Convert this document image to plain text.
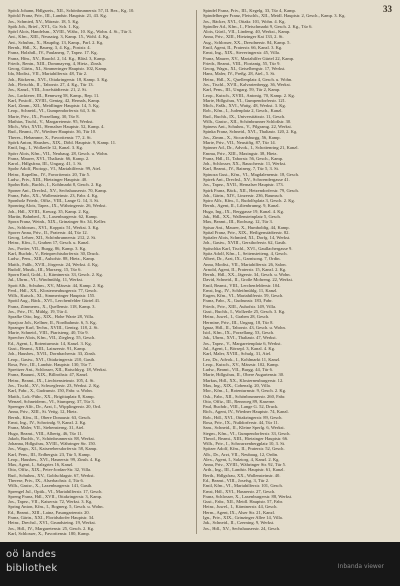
33

Spöck Johann, Hdlgsreis., XII., Schönbrunnerstr. 57, II. Bez., Kg. 10.

Spöckl Franz, Priv., III., Landstr. Hauptstr. 21, 43. Kg.

Jos., Schmied, XV., Märzstr. 18, 5. Kg.

Spök Joh., Brief., XVI., Gr. Sch. 1. Kg.

Spörl Alois, Handelsm., XVIII., Währ., 10. Kg., Wohn. 4. St., Tür 3.

Ant., Kfm., XIII., Neusatzg. 3, Kamp. 15., Wohl. 4. Kg.

Ant., Schuhm., X., Hauptbg. 13, Kamp., Parl. 2. Kg.

Bernh., Hdl., X., Bauerg. 3, 4. Kg., Poststr. 4.

Franz, Holzhdl., IV., Paulanerg. 7, Tapez. 17. Kg.

Franz, Hfm., XV., Rauchf. 2, 14. Kg., Bläsl. 3, Kamp.

Friedr., Rentn., XIII., Dommayerg. 4, Hietz., Zinsh.

Georg, Gärtn., XI., Simmeringer Hauptstr. 102, Kamp.

Ida, Modist., VII., Mariahilferstr. 48, Tür 2.

Joh., Bäckerm., XVI., Ottakringerstr. 18, Kamp. 3. Kg.

Joh., Fleischh., II., Taborstr. 27, 4. Kg., Tür 13.

Jos., Kanzl., VIII., Josefstädterstr. 21, 2. St.

Jos., Lackierer, III., Rennweg 58, Kamp., Rep. 11.

Karl, Postoff., XVIII., Gentzg. 42, Hernals, Kamp.

Karl, Zimm., XII., Meidlinger Hauptstr. 14, 5. Kg.

Leop., Schneid., VI., Gumpendorferstr. 64, 3. St.

Marie, Priv., IX., Porzellang. 30, Tür 8.

Mathias, Tischl., V., Margaretenstr. 95, Werkst.

Mich., Wirt, XVII., Hernalser Hauptstr. 52, Kamp. 4.

Rud., Beamt., IV., Wiedner Hauptstr. 36, Tür 10.

Theres., Hebamme, X., Favoritenstr. 77, 2. St.

Spörk Anton, Hausbes., XIX., Döbl. Hauptstr. 9, Kamp. 11.

Emil, Ing., I., Wollzeile 12, Kanzl. 3. Kg.

Spörr Alois, Kfm., VII., Neubaug. 28, Gesch. u. Wohn.

Franz, Maurer, XVI., Thaliastr. 66, Kamp. 2.

Karol., Hdlgsfrau, III., Ungarg. 41, 1. St.

Spohr Adolf, Photogr., VI., Mariahilferstr. 99, Atel.

Heinr., Kapellm., IV., Favoritenstr. 20, Tür 5.

Ludw., Priv., XIII., Hietzinger Hauptstr. 40.

Spohn Rob., Buchh., I., Kohlmarkt 8, Gesch. 2. Kg.

Sponer Ant., Drechsl., XV., Sechshauserstr. 70, Kamp.

Franz, Fabr., XX., Wallensteinstr. 23, Fabr. 4. Kg.

Sponholz Friedr., Offiz., VIII., Lange G. 14, 3. St.

Sponring Alois, Tapez., IX., Währingerstr. 26, Werkst.

Joh., Hdl., XVIII., Kreuzg. 35, Kamp. 2. Kg.

Martin, Bahnbed., X., Laxenburgerstr. 62, Kamp.

Spora Franz, Weinh., XIX., Grinzinger Str. 34, Keller.

Jos., Schlossm., XVI., Koppstr. 51, Werkst. 3. Kg.

Sporer Anna, Priv., II., Praterstr. 44, Tür 12.

Georg, Lehrer, XII., Schönbrunnerstr. 212, 2. St.

Heinr., Kfm., I., Graben 17, Gesch. u. Kanzl.

Jos., Portier, VII., Burgg. 86, Kamp. 3. Kg.

Karl, Buchdr., V., Reinprechtsdorferstr. 30, Druck.

Ludw., Pens., XIII., Auhofstr. 88, Hietz., Kamp.

Matth., Faßb., XVII., Jörgerstr. 24, Werkst. 4. Kg.

Rudolf, Musik., III., Marxerg. 15, Tür 6.

Sporn Emil, Gold., I., Kärntnerstr. 33, Gesch. 2. Kg.

Jul., Uhrm., VI., Windmühlg. 11, Werkst.

Spott Alb., Schuhm., XV., Märzstr. 44, Kamp. 2. Kg.

Ferd., Hdl., XX., Klosterneuburgerstr. 77, Gesch.

Wilh., Kutsch., XI., Simmeringer Hauptstr. 155.

Spottl Aug., Bäck., XVI., Lerchenfelder Gürtel 41.

Franz, Zimmerm., X., Quellenstr. 118, Kamp. 3.

Jos., Priv., IV., Mühlg. 19, Tür 4.

Sprafke Otto, Ing., XIX., Hohe Warte 28, Villa.

Sprajcar Joh., Kellner, II., Nordbahnstr. 6, 5. Kg.

Spranger Karl, Techn., XVIII., Gentzg. 118, 2. St.

Marie, Schneid., VIII., Piaristeng. 40, Tür 9.

Sprecher Alois, Kfm., VII., Zieglerg. 55, Gesch.

Ed., Agent, I., Rotenturmstr. 14, Kanzl. 3. Kg.

Gust., Beamt., XIII., Lainzerstr. 91, Kamp.

Joh., Hausbes., XVII., Dornbacherstr. 33, Zinsh.

Leop., Gastw., XVI., Ottakringerstr. 210, Gasth.

Rosa, Priv., III., Landstr. Hauptstr. 130, Tür 7.

Spreitzer Ant., Schlosser, XII., Ratschkyg. 18, Werkst.

Franz, Bauunt., XIX., Billrothstr. 47, Kanzl.

Heinr., Beamt., IX., Liechtensteinstr. 105, 4. St.

Jos., Tischl., XV., Schweglerstr. 23, Werkst. 2. Kg.

Karl, Fabr., X., Gudrunstr. 150, Fabr. u. Wohn.

Matth., Lok.-Führ., XX., Brigittaplatz 8, Kamp.

Wenzel, Schneiderm., VI., Stumperg. 37, Tür 3.

Sprenger Alfr., Dr., Arzt, I., Wipplingerstr. 20, Ord.

Anna, Priv., XIII., St. Veitg. 12, Hietz.

Bernh., Kfm., II., Obere Donaustr. 63, Gesch.

Ernst, Ing., IV., Schwindg. 9, Kanzl. 2. Kg.

Franz, Maler, VII., Siebensterng. 31, Atel.

Hugo, Beamt., VIII., Albertg. 46, Tür 11.

Jakob, Buchb., V., Schönbrunnerstr. 88, Werkst.

Johanna, Hdlgsfrau, XVIII., Währinger Str. 150.

Jos., Wagn., XI., Kaiserebersdorferstr. 58, Kamp.

Karl, Pens., III., Erdbergstr. 23, Tür 5, Kamp.

Leop., Hausbes., XVI., Hasnerstr. 99, Zinsh. 4. Kg.

Max, Agent, I., Salzgries 16, Kanzl.

Otto, Offiz., XIX., Peter-Jordan-Str. 32, Villa.

Rud., Schuhm., XV., Goldschlagstr. 67, Werkst.

Therese, Priv., IX., Alserbachstr. 4, Tür 6.

Wilh., Gastw., X., Laxenburgerstr. 141, Gasth.

Sprengel Jul., Optik., VI., Mariahilferstr. 17, Gesch.

Spreng Franz, Hdl., XVII., Ottakringerstr. 3, Kamp.

Jos., Tapez., VII., Kaiserstr. 72, Werkst. 3. Kg.

Spring Anton, Kfm., I., Bognerg. 5, Gesch. u. Wohn.

Ed., Beamt., XIII., Lainz, Fasangartenstr. 20.

Franz, Gärtn., XXI., Floridsdorfer Hauptstr. 34.

Heinr., Drechsl., XVI., Grundsteing. 19, Werkst.

Jos., Hdl., IV., Margaretenstr. 25, Gesch. 2. Kg.

Karl, Schlosser, X., Favoritenstr. 180, Kamp.

Spindel Franz, Priv., III., Kegelg. 33, Tür 4, Kamp.

Spindelberger Franz, Fleischh., XII., Meidl. Hauptstr. 2, Gesch., Kamp. 3. Kg.

Jos., Bäcker, XVI., Ottakr. 101, Wohn. 4. Kg.

Spindler Ad., Kfm., I., Fleischmarkt 9, Gesch. 2. Kg., Tür 6.

Alois, Gürtl., VII., Lindeng. 40, Werkst., Kamp.

Anna, Priv., XIII., Hietzinger Kai 133, 2. St.

Aug., Schlosser, XX., Dresdnerstr. 84, Kamp. 5.

Emil, Agent, II., Praterstr. 66, Kanzl. 3. Kg.

Ernst, Ing., XIX., Sieveringerstr. 45, Villa.

Franz, Maurer, XV., Mariahilfer Gürtel 22, Kamp.

Friedr., Beamt., VIII., Florianig. 55, Tür 9.

Georg, Wagn., XI., Geiselbergstr. 17, Werkst.

Hans, Maler, IV., Preßg. 28, Atel., 5. St.

Heinr., Hdl., X., Quellenplatz 4, Gesch. u. Wohn.

Jos., Tischl., XVII., Kalvarienbergg. 36, Werkst.

Karl, Pens., III., Ungarg. 59, Tür 2, Kamp.

Leop., Kutsch., XVIII., Antonig. 70, Kamp. 2. Kg.

Marie, Hdlgsfrau, VI., Gumpendorferstr. 121.

Mich., Faßb., XVI., Wattg. 48, Werkst. 3. Kg.

Rob., Kfm., I., Judenplatz 2, Gesch., Kanzl.

Rud., Buchh., IX., Universitätsstr. 11, Gesch.

Wilh., Gastw., XII., Schönbrunner Schloßstr. 30.

Spiness Ant., Schuhm., V., Pilgramg. 22, Werkst.

Spinka Franz, Schneid., XVI., Thaliastr. 120, 2. Kg.

Jos., Zimm., X., Siccardsburgg. 56, Kamp.

Marie, Priv., VII., Neustiftg. 87, Tür 14.

Spinner Ad., Dr., Advok., I., Schottenring 21, Kanzl.

Emma, Priv., XIII., Maxingstr. 38, Hietz.

Franz, Hdl., II., Taborstr. 56, Gesch., Kamp.

Joh., Schlosser, XX., Rauscherstr. 11, Werkst.

Karl, Beamt., IV., Rainerg. 7, Tür 5, 3. St.

Spinoza Gust., Kfm., VI., Magdalenenstr. 18, Gesch.

Spirek Ant., Drechsl., XV., Schwendergasse 41.

Jos., Tapez., XVII., Hernalser Hauptstr. 173.

Spirk Franz, Bäck., XII., Hetzendorferstr. 79, Gesch.

Joh., Gärtn., XIV., Linzerstr. 236, Baumsch.

Spiro Alfr., Kfm., I., Rudolfsplatz 3, Gesch. 2. Kg.

Bernh., Agent, II., Lilienbrunng. 9, Kanzl.

Hugo, Ing., IX., Berggasse 19, Kanzl. 4. Kg.

Jak., Hdl., XX., Wallensteinplatz 5, Gesch.

Max, Beamt., III., Rochusg. 12, Tür 3.

Spisar Ant., Maurer, X., Humboldtg. 44, Kamp.

Spital Franz, Priv., XIX., Heiligenstädterstr. 82.

Spitaler Alois, Schmied, XI., Dorfg. 14, Werkst.

Joh., Gastw., XVIII., Gersthoferstr. 62, Gasth.

Spitschka Karl, Tischl., XVI., Gaullachergasse 9.

Spitz Adolf, Kfm., I., Seitenstetteng. 4, Gesch.

Albert, Dr., Arzt, IX., Garnisong. 7, Ordin.

Anna, Modist., VII., Mariahilferstr. 26, Salon.

Arnold, Agent, II., Praterstr. 15, Kanzl. 2. Kg.

Bernh., Hdl., XX., Jägerstr. 34, Gesch. u. Wohn.

David, Schneid., II., Große Mohreng. 22, Werkst.

Emil, Beamt., VIII., Lerchenfelderstr. 104.

Ernst, Ing., IV., Schleifmühlg. 11, Kanzl.

Eugen, Kfm., VI., Mariahilferstr. 59, Gesch.

Franz, Fabr., X., Gudrunstr. 183, Fabr.

Friedr., Priv., XIII., Auhofstr. 149, Villa.

Gust., Buchh., I., Wollzeile 25, Gesch. 3. Kg.

Heinr., Juwel., I., Graben 28, Gesch.

Hermine, Priv., III., Ungarg. 18, Tür 8.

Ignaz, Hdl., II., Taborstr. 43, Gesch. u. Wohn.

Isid., Kfm., IX., Porzellang. 53, Gesch.

Jak., Uhrm., XVI., Thaliastr. 47, Werkst.

Jos., Tapez., V., Margaretenplatz 6, Werkst.

Jul., Agent, I., Börsepl. 3, Kanzl. 4. Kg.

Karl, Maler, XVIII., Schulg. 31, Atel.

Leo, Dr., Advok., I., Kohlmarkt 11, Kanzl.

Leop., Kutsch., XV., Märzstr. 102, Kamp.

Ludw., Beamt., VII., Burgg. 44, Tür 6.

Marie, Hdlgsfrau, II., Obere Augartenstr. 30.

Markus, Hdl., XX., Klosterneuburgerstr. 12.

Max, Ing., XIX., Cobenzlg. 20, Villa.

Mor., Kfm., I., Rotenturmstr. 9, Gesch. 2. Kg.

Osk., Fabr., XII., Schönbrunnerstr. 260, Fabr.

Otto, Offiz., III., Rennweg 89, Kaserne.

Paul, Buchdr., VIII., Lange G. 52, Druck.

Rich., Agent, IV., Wiedner Hauptstr. 74, Kanzl.

Rob., Hdl., XVI., Ottakringerstr. 89, Gesch.

Rosa, Priv., IX., Nußdorferstr. 44, Tür 11.

Sam., Schneid., II., Kleine Sperlg. 6, Werkst.

Siegm., Kfm., VI., Gumpendorferstr. 33, Gesch.

Theod., Beamt., XIII., Hietzinger Hauptstr. 66.

Wilh., Priv., I., Schwarzenbergplatz 10, 3. St.

Spitzer Adolf, Kfm., II., Praterstr. 52, Gesch.

Alb., Dr., Arzt, VII., Neubaug. 12, Ordin.

Alex., Agent, I., Salztorg. 4, Kanzl. 2. Kg.

Anna, Priv., XVIII., Währinger Str. 92, Tür 5.

Arth., Ing., III., Landstr. Hauptstr. 61, Kanzl.

Berth., Hdlgsfrau, XX., Wallensteinstr. 40.

Ed., Beamt., VIII., Josefsg. 3, Tür 2.

Emil, Kfm., VI., Mariahilferstr. 101, Gesch.

Ernst, Hdl., XVI., Hasnerstr. 27, Gesch.

Franz, Schlosser, X., Laxenburgerstr. 88, Werkst.

Gust., Fabr., XII., Meidl. Hauptstr. 57, Fabr.

Heinr., Juwel., I., Kärntnerstr. 44, Gesch.

Herm., Agent, IX., Alser Str. 21, Kanzl.

Ign., Priv., XIX., Grinzinger Allee 14, Villa.

Jak., Schneid., II., Czerning. 9, Werkst.

Jos., Hdl., XV., Sechshauserstr. 24, Gesch.

oö landes
bibliothek	Inbanda viewer
